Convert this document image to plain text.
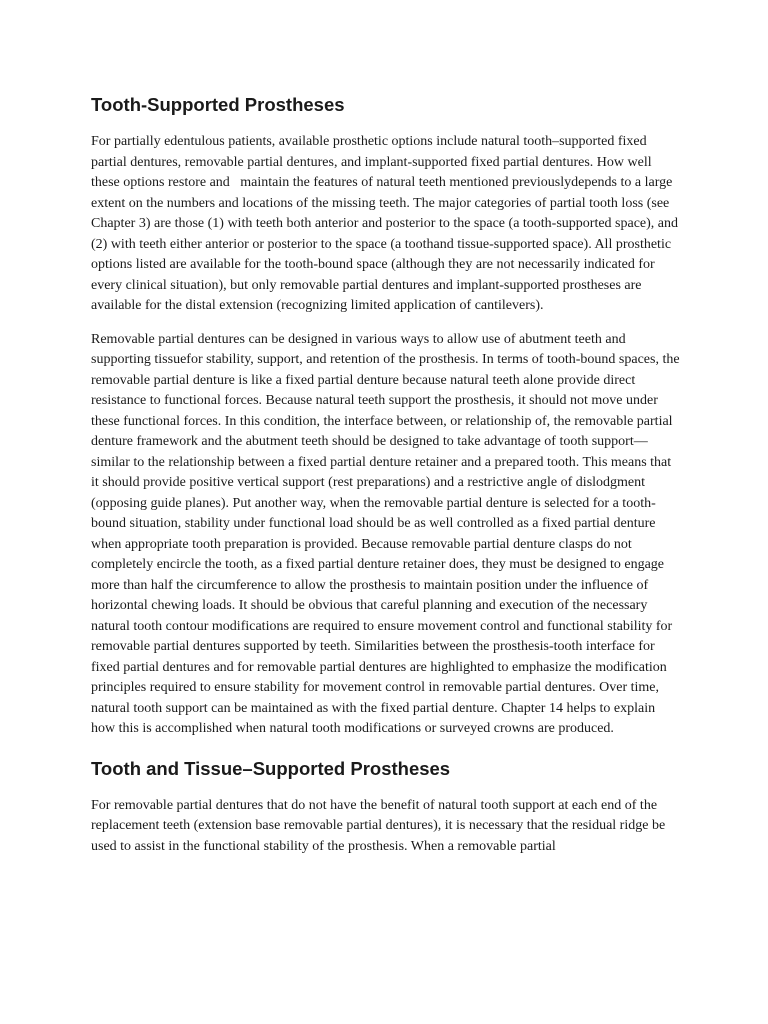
Tooth-Supported Prostheses

For partially edentulous patients, available prosthetic options include natural tooth–supported fixed partial dentures, removable partial dentures, and implant-supported fixed partial dentures. How well these options restore and   maintain the features of natural teeth mentioned previouslydepends to a large extent on the numbers and locations of the missing teeth. The major categories of partial tooth loss (see Chapter 3) are those (1) with teeth both anterior and posterior to the space (a tooth-supported space), and (2) with teeth either anterior or posterior to the space (a toothand tissue-supported space). All prosthetic options listed are available for the tooth-bound space (although they are not necessarily indicated for every clinical situation), but only removable partial dentures and implant-supported prostheses are available for the distal extension (recognizing limited application of cantilevers).

Removable partial dentures can be designed in various ways to allow use of abutment teeth and supporting tissuefor stability, support, and retention of the prosthesis. In terms of tooth-bound spaces, the removable partial denture is like a fixed partial denture because natural teeth alone provide direct resistance to functional forces. Because natural teeth support the prosthesis, it should not move under these functional forces. In this condition, the interface between, or relationship of, the removable partial denture framework and the abutment teeth should be designed to take advantage of tooth support—similar to the relationship between a fixed partial denture retainer and a prepared tooth. This means that it should provide positive vertical support (rest preparations) and a restrictive angle of dislodgment (opposing guide planes). Put another way, when the removable partial denture is selected for a tooth-bound situation, stability under functional load should be as well controlled as a fixed partial denture when appropriate tooth preparation is provided. Because removable partial denture clasps do not completely encircle the tooth, as a fixed partial denture retainer does, they must be designed to engage more than half the circumference to allow the prosthesis to maintain position under the influence of horizontal chewing loads. It should be obvious that careful planning and execution of the necessary natural tooth contour modifications are required to ensure movement control and functional stability for removable partial dentures supported by teeth. Similarities between the prosthesis-tooth interface for fixed partial dentures and for removable partial dentures are highlighted to emphasize the modification principles required to ensure stability for movement control in removable partial dentures. Over time, natural tooth support can be maintained as with the fixed partial denture. Chapter 14 helps to explain how this is accomplished when natural tooth modifications or surveyed crowns are produced.

Tooth and Tissue–Supported Prostheses

For removable partial dentures that do not have the benefit of natural tooth support at each end of the replacement teeth (extension base removable partial dentures), it is necessary that the residual ridge be used to assist in the functional stability of the prosthesis. When a removable partial
